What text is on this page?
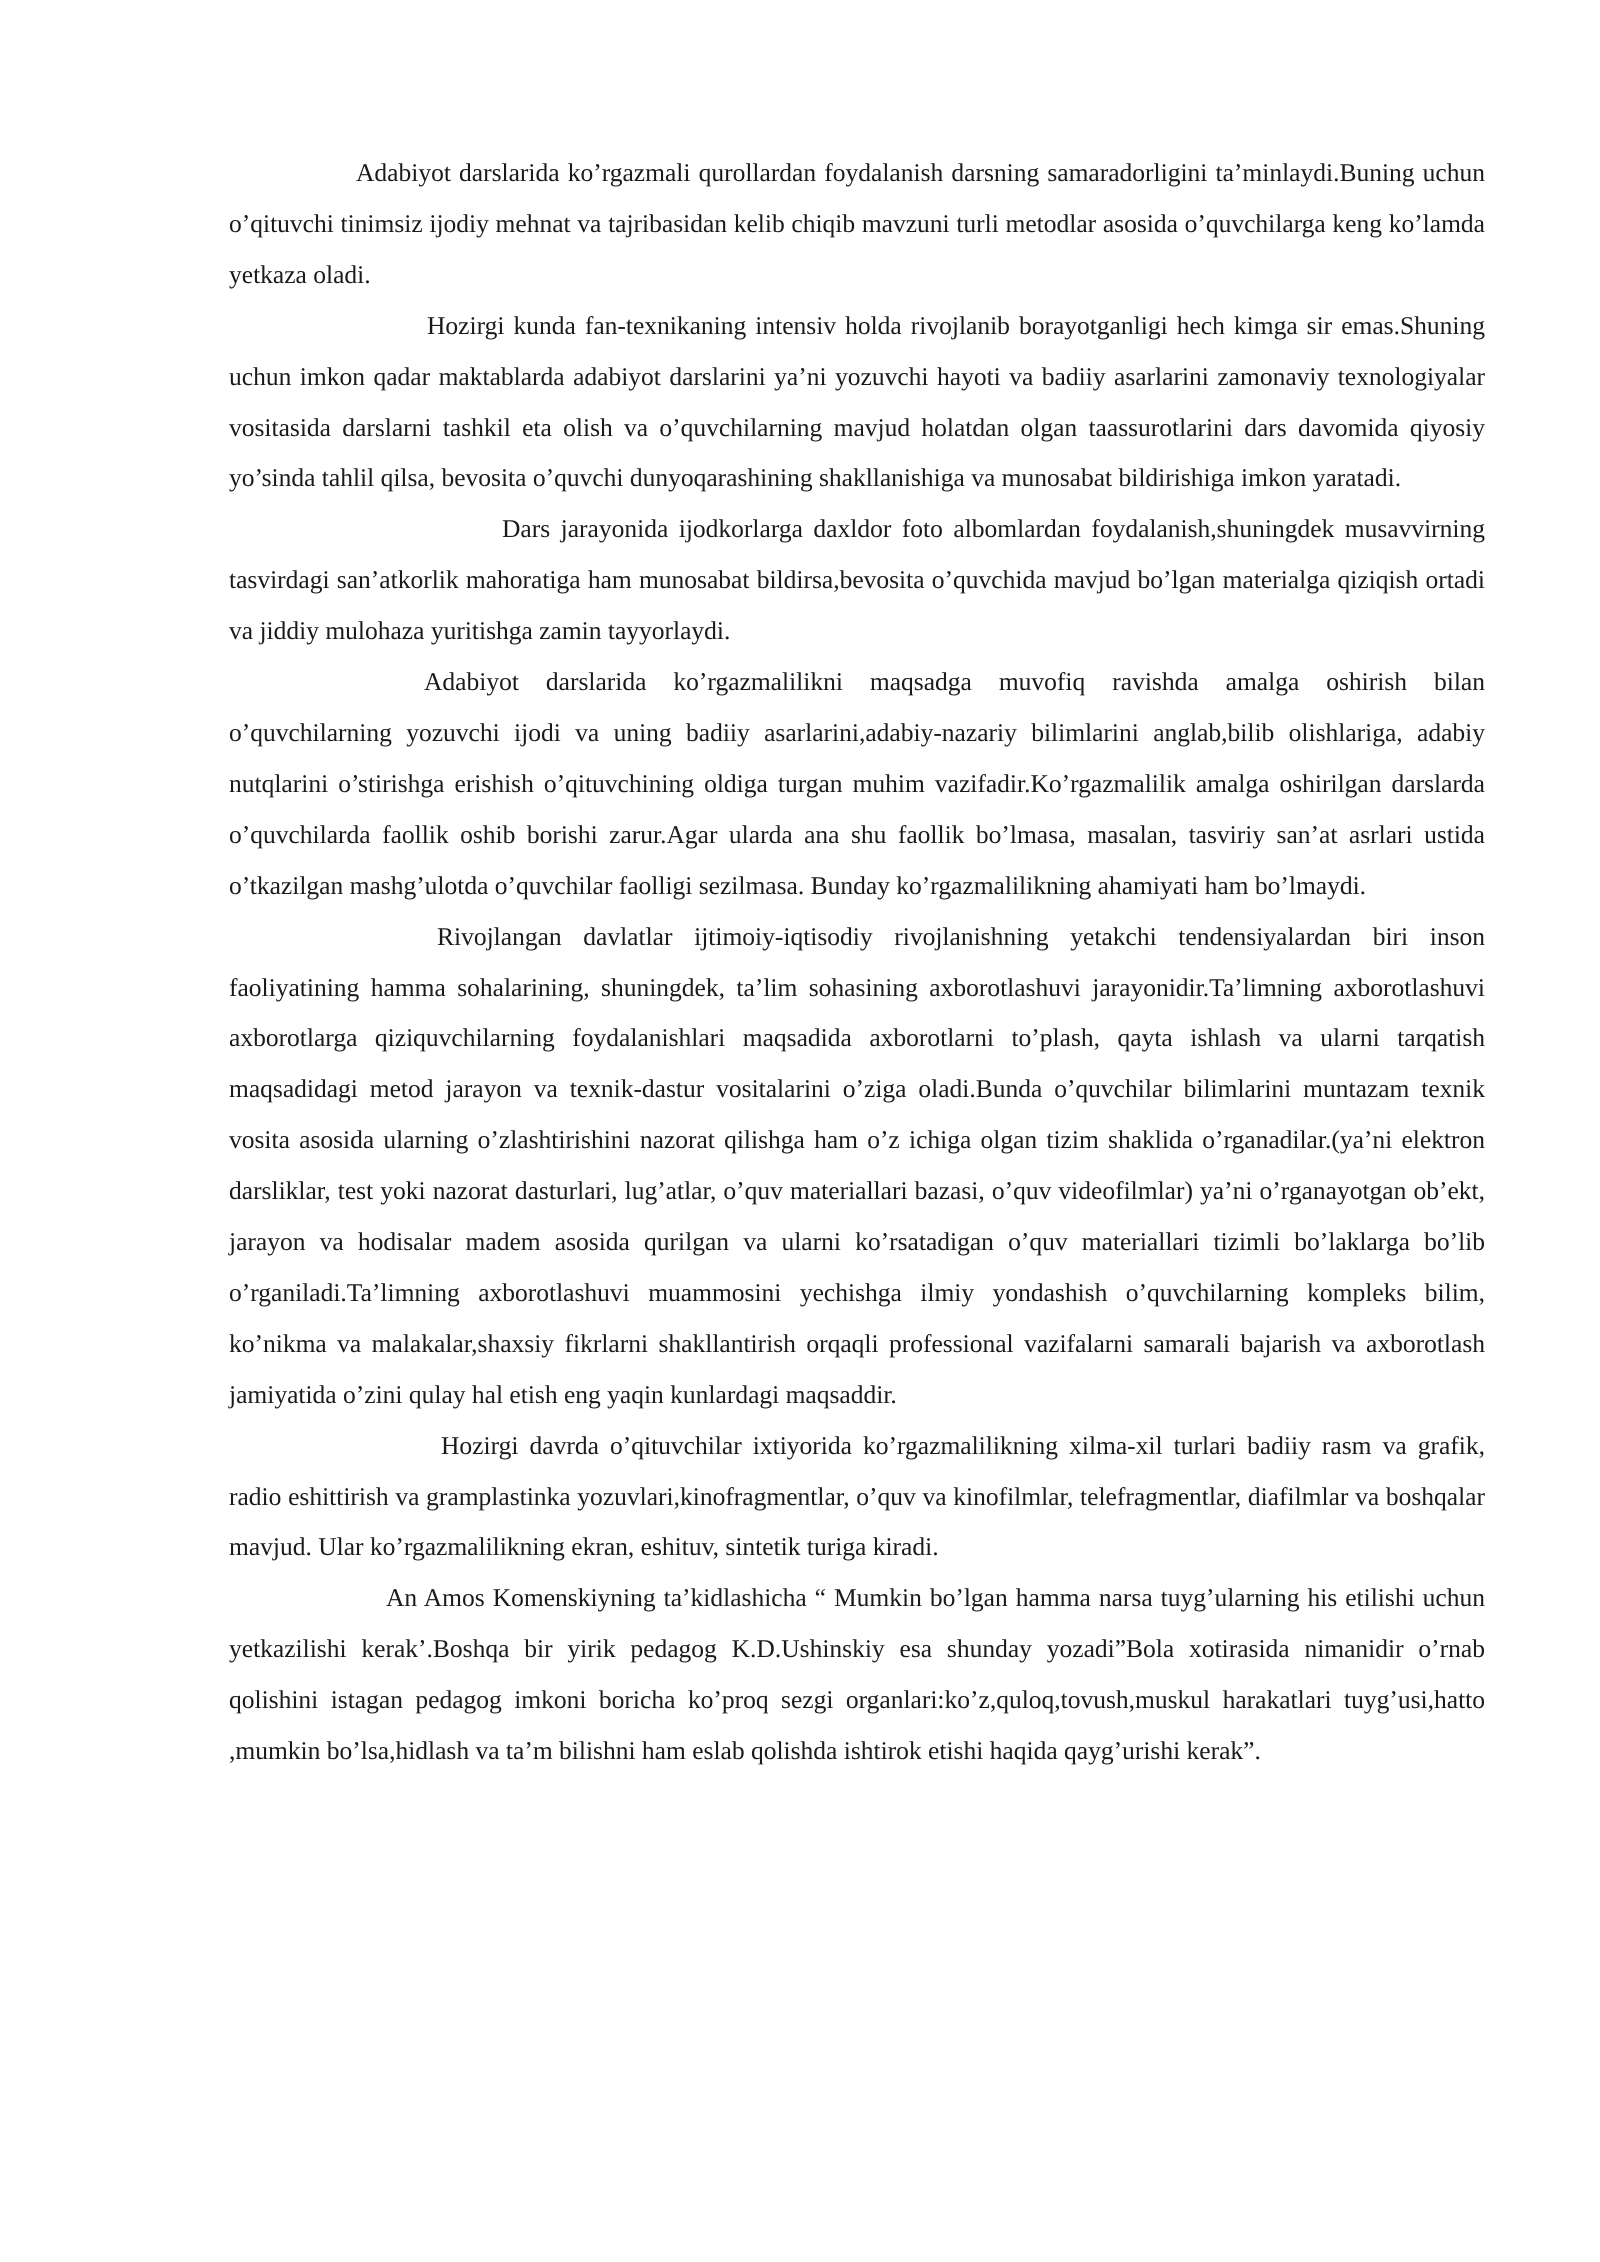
Adabiyot darslarida ko’rgazmali qurollardan foydalanish darsning samaradorligini ta’minlaydi.Buning uchun o’qituvchi tinimsiz ijodiy mehnat va tajribasidan kelib chiqib mavzuni turli metodlar asosida o’quvchilarga keng ko’lamda yetkaza oladi.

Hozirgi kunda fan-texnikaning intensiv holda rivojlanib borayotganligi hech kimga sir emas.Shuning uchun imkon qadar maktablarda adabiyot darslarini ya’ni yozuvchi hayoti va badiiy asarlarini zamonaviy texnologiyalar vositasida darslarni tashkil eta olish va o’quvchilarning mavjud holatdan olgan taassurotlarini dars davomida qiyosiy yo’sinda tahlil qilsa, bevosita o’quvchi dunyoqarashining shakllanishiga va munosabat bildirishiga imkon yaratadi.

Dars jarayonida ijodkorlarga daxldor foto albomlardan foydalanish,shuningdek musavvirning tasvirdagi san’atkorlik mahoratiga ham munosabat bildirsa,bevosita o’quvchida mavjud bo’lgan materialga qiziqish ortadi va jiddiy mulohaza yuritishga zamin tayyorlaydi.

Adabiyot darslarida ko’rgazmalilikni maqsadga muvofiq ravishda amalga oshirish bilan o’quvchilarning yozuvchi ijodi va uning badiiy asarlarini,adabiy-nazariy bilimlarini anglab,bilib olishlariga, adabiy nutqlarini o’stirishga erishish o’qituvchining oldiga turgan muhim vazifadir.Ko’rgazmalilik amalga oshirilgan darslarda o’quvchilarda faollik oshib borishi zarur.Agar ularda ana shu faollik bo’lmasa, masalan, tasviriy san’at asrlari ustida o’tkazilgan mashg’ulotda o’quvchilar faolligi sezilmasa. Bunday ko’rgazmalilikning ahamiyati ham bo’lmaydi.

Rivojlangan davlatlar ijtimoiy-iqtisodiy rivojlanishning yetakchi tendensiyalardan biri inson faoliyatining hamma sohalarining, shuningdek, ta’lim sohasining axborotlashuvi jarayonidir.Ta’limning axborotlashuvi axborotlarga qiziquvchilarning foydalanishlari maqsadida axborotlarni to’plash, qayta ishlash va ularni tarqatish maqsadidagi metod jarayon va texnik-dastur vositalarini o’ziga oladi.Bunda o’quvchilar bilimlarini muntazam texnik vosita asosida ularning o’zlashtirishini nazorat qilishga ham o’z ichiga olgan tizim shaklida o’rganadilar.(ya’ni elektron darsliklar, test yoki nazorat dasturlari, lug’atlar, o’quv materiallari bazasi, o’quv videofilmlar) ya’ni o’rganayotgan ob’ekt, jarayon va hodisalar madem asosida qurilgan va ularni ko’rsatadigan o’quv materiallari tizimli bo’laklarga bo’lib o’rganiladi.Ta’limning axborotlashuvi muammosini yechishga ilmiy yondashish o’quvchilarning kompleks bilim, ko’nikma va malakalar,shaxsiy fikrlarni shakllantirish orqaqli professional vazifalarni samarali bajarish va axborotlash jamiyatida o’zini qulay hal etish eng yaqin kunlardagi maqsaddir.

Hozirgi davrda o’qituvchilar ixtiyorida ko’rgazmalilikning xilma-xil turlari badiiy rasm va grafik, radio eshittirish va gramplastinka yozuvlari,kinofragmentlar, o’quv va kinofilmlar, telefragmentlar, diafilmlar va boshqalar mavjud. Ular ko’rgazmalilikning ekran, eshituv, sintetik turiga kiradi.

An Amos Komenskiyning ta’kidlashicha “ Mumkin bo’lgan hamma narsa tuyg’ularning his etilishi uchun yetkazilishi kerak’.Boshqa bir yirik pedagog K.D.Ushinskiy esa shunday yozadi”Bola xotirasida nimanidir o’rnab qolishini istagan pedagog imkoni boricha ko’proq sezgi organlari:ko’z,quloq,tovush,muskul harakatlari tuyg’usi,hatto ,mumkin bo’lsa,hidlash va ta’m bilishni ham eslab qolishda ishtirok etishi haqida qayg’urishi kerak”.
